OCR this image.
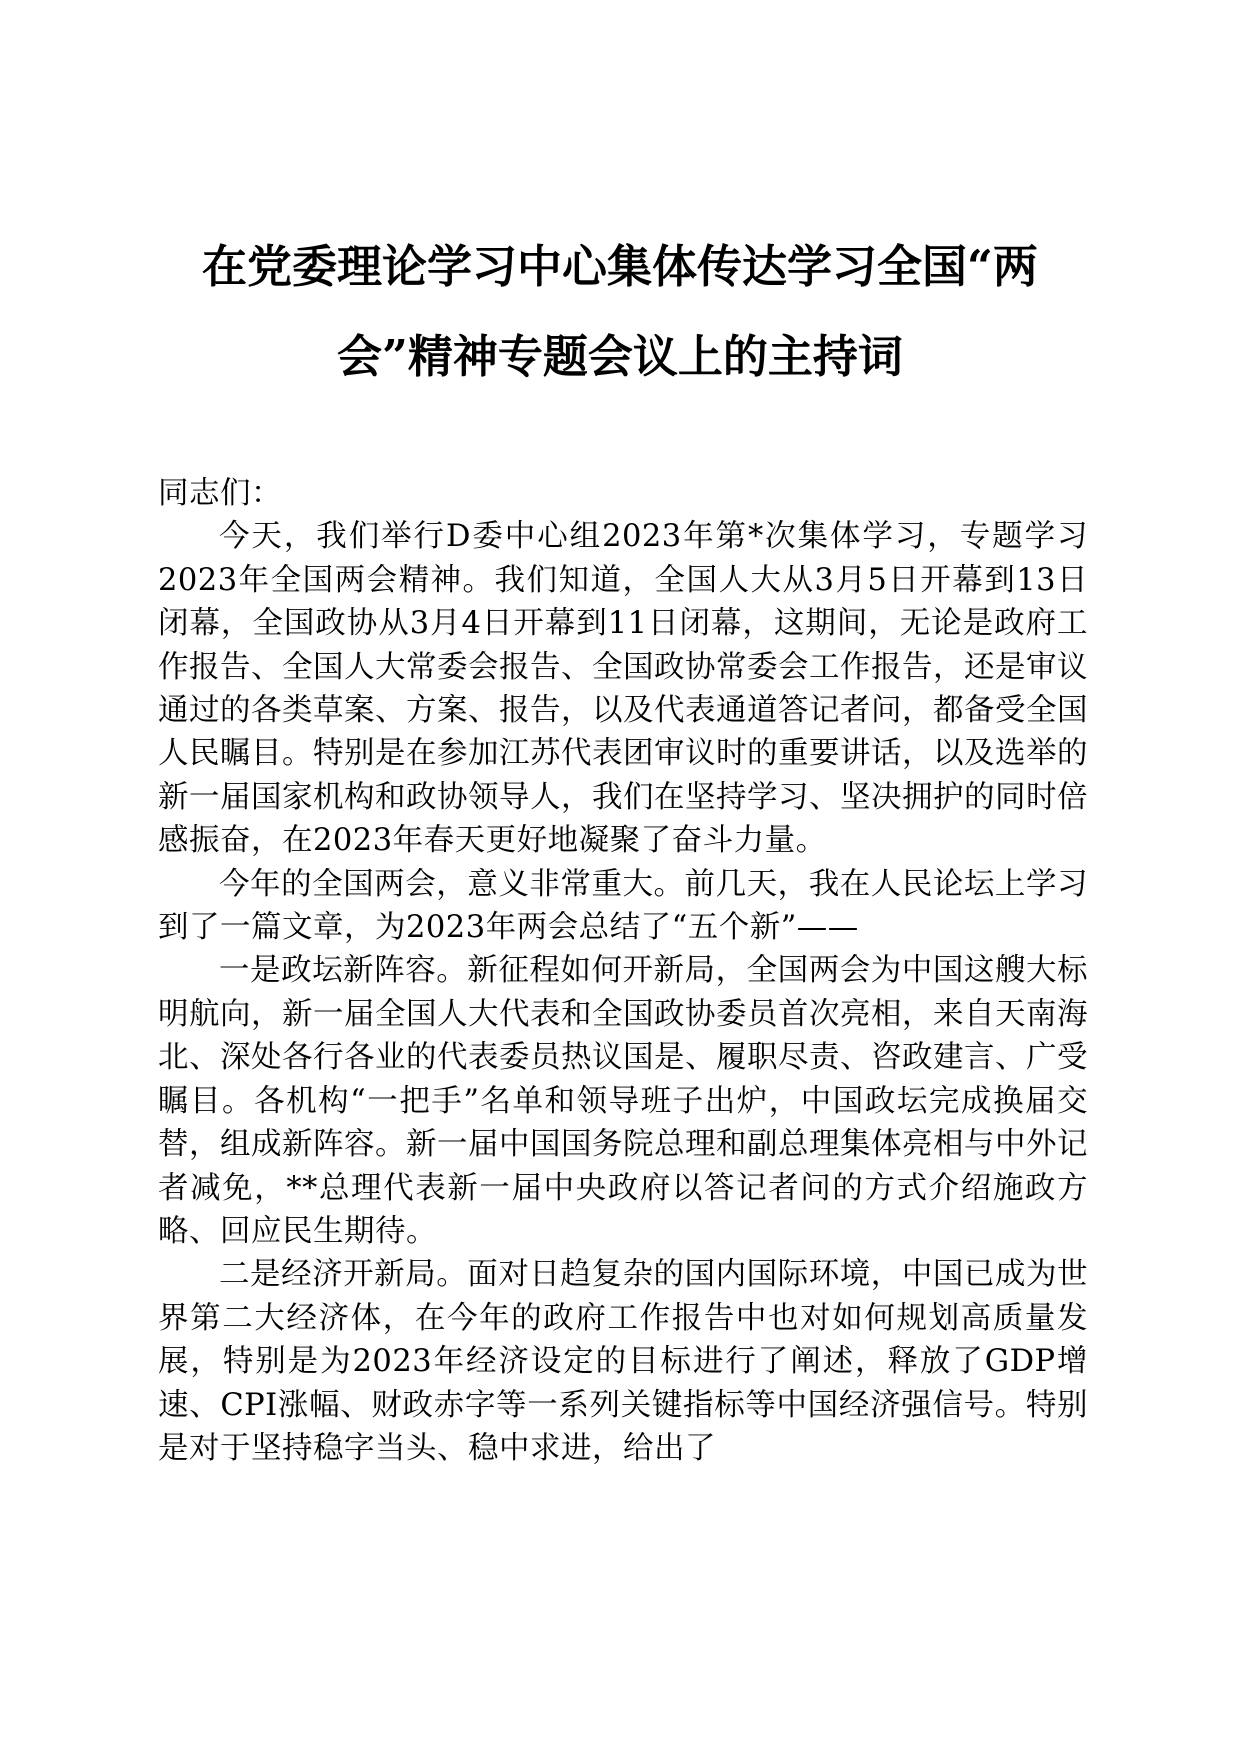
在党委理论学习中心集体传达学习全国“两
会”精神专题会议上的主持词

同志们：

今天，我们举行D委中心组2023年第*次集体学习，专题学习2023年全国两会精神。我们知道，全国人大从3月5日开幕到13日闭幕，全国政协从3月4日开幕到11日闭幕，这期间，无论是政府工作报告、全国人大常委会报告、全国政协常委会工作报告，还是审议通过的各类草案、方案、报告，以及代表通道答记者问，都备受全国人民瞩目。特别是在参加江苏代表团审议时的重要讲话，以及选举的新一届国家机构和政协领导人，我们在坚持学习、坚决拥护的同时倍感振奋，在2023年春天更好地凝聚了奋斗力量。

今年的全国两会，意义非常重大。前几天，我在人民论坛上学习到了一篇文章，为2023年两会总结了“五个新”——

一是政坛新阵容。新征程如何开新局，全国两会为中国这艘大标明航向，新一届全国人大代表和全国政协委员首次亮相，来自天南海北、深处各行各业的代表委员热议国是、履职尽责、咨政建言、广受瞩目。各机构“一把手”名单和领导班子出炉，中国政坛完成换届交替，组成新阵容。新一届中国国务院总理和副总理集体亮相与中外记者减免，**总理代表新一届中央政府以答记者问的方式介绍施政方略、回应民生期待。

二是经济开新局。面对日趋复杂的国内国际环境，中国已成为世界第二大经济体，在今年的政府工作报告中也对如何规划高质量发展，特别是为2023年经济设定的目标进行了阐述，释放了GDP增速、CPI涨幅、财政赤字等一系列关键指标等中国经济强信号。特别是对于坚持稳字当头、稳中求进，给出了
